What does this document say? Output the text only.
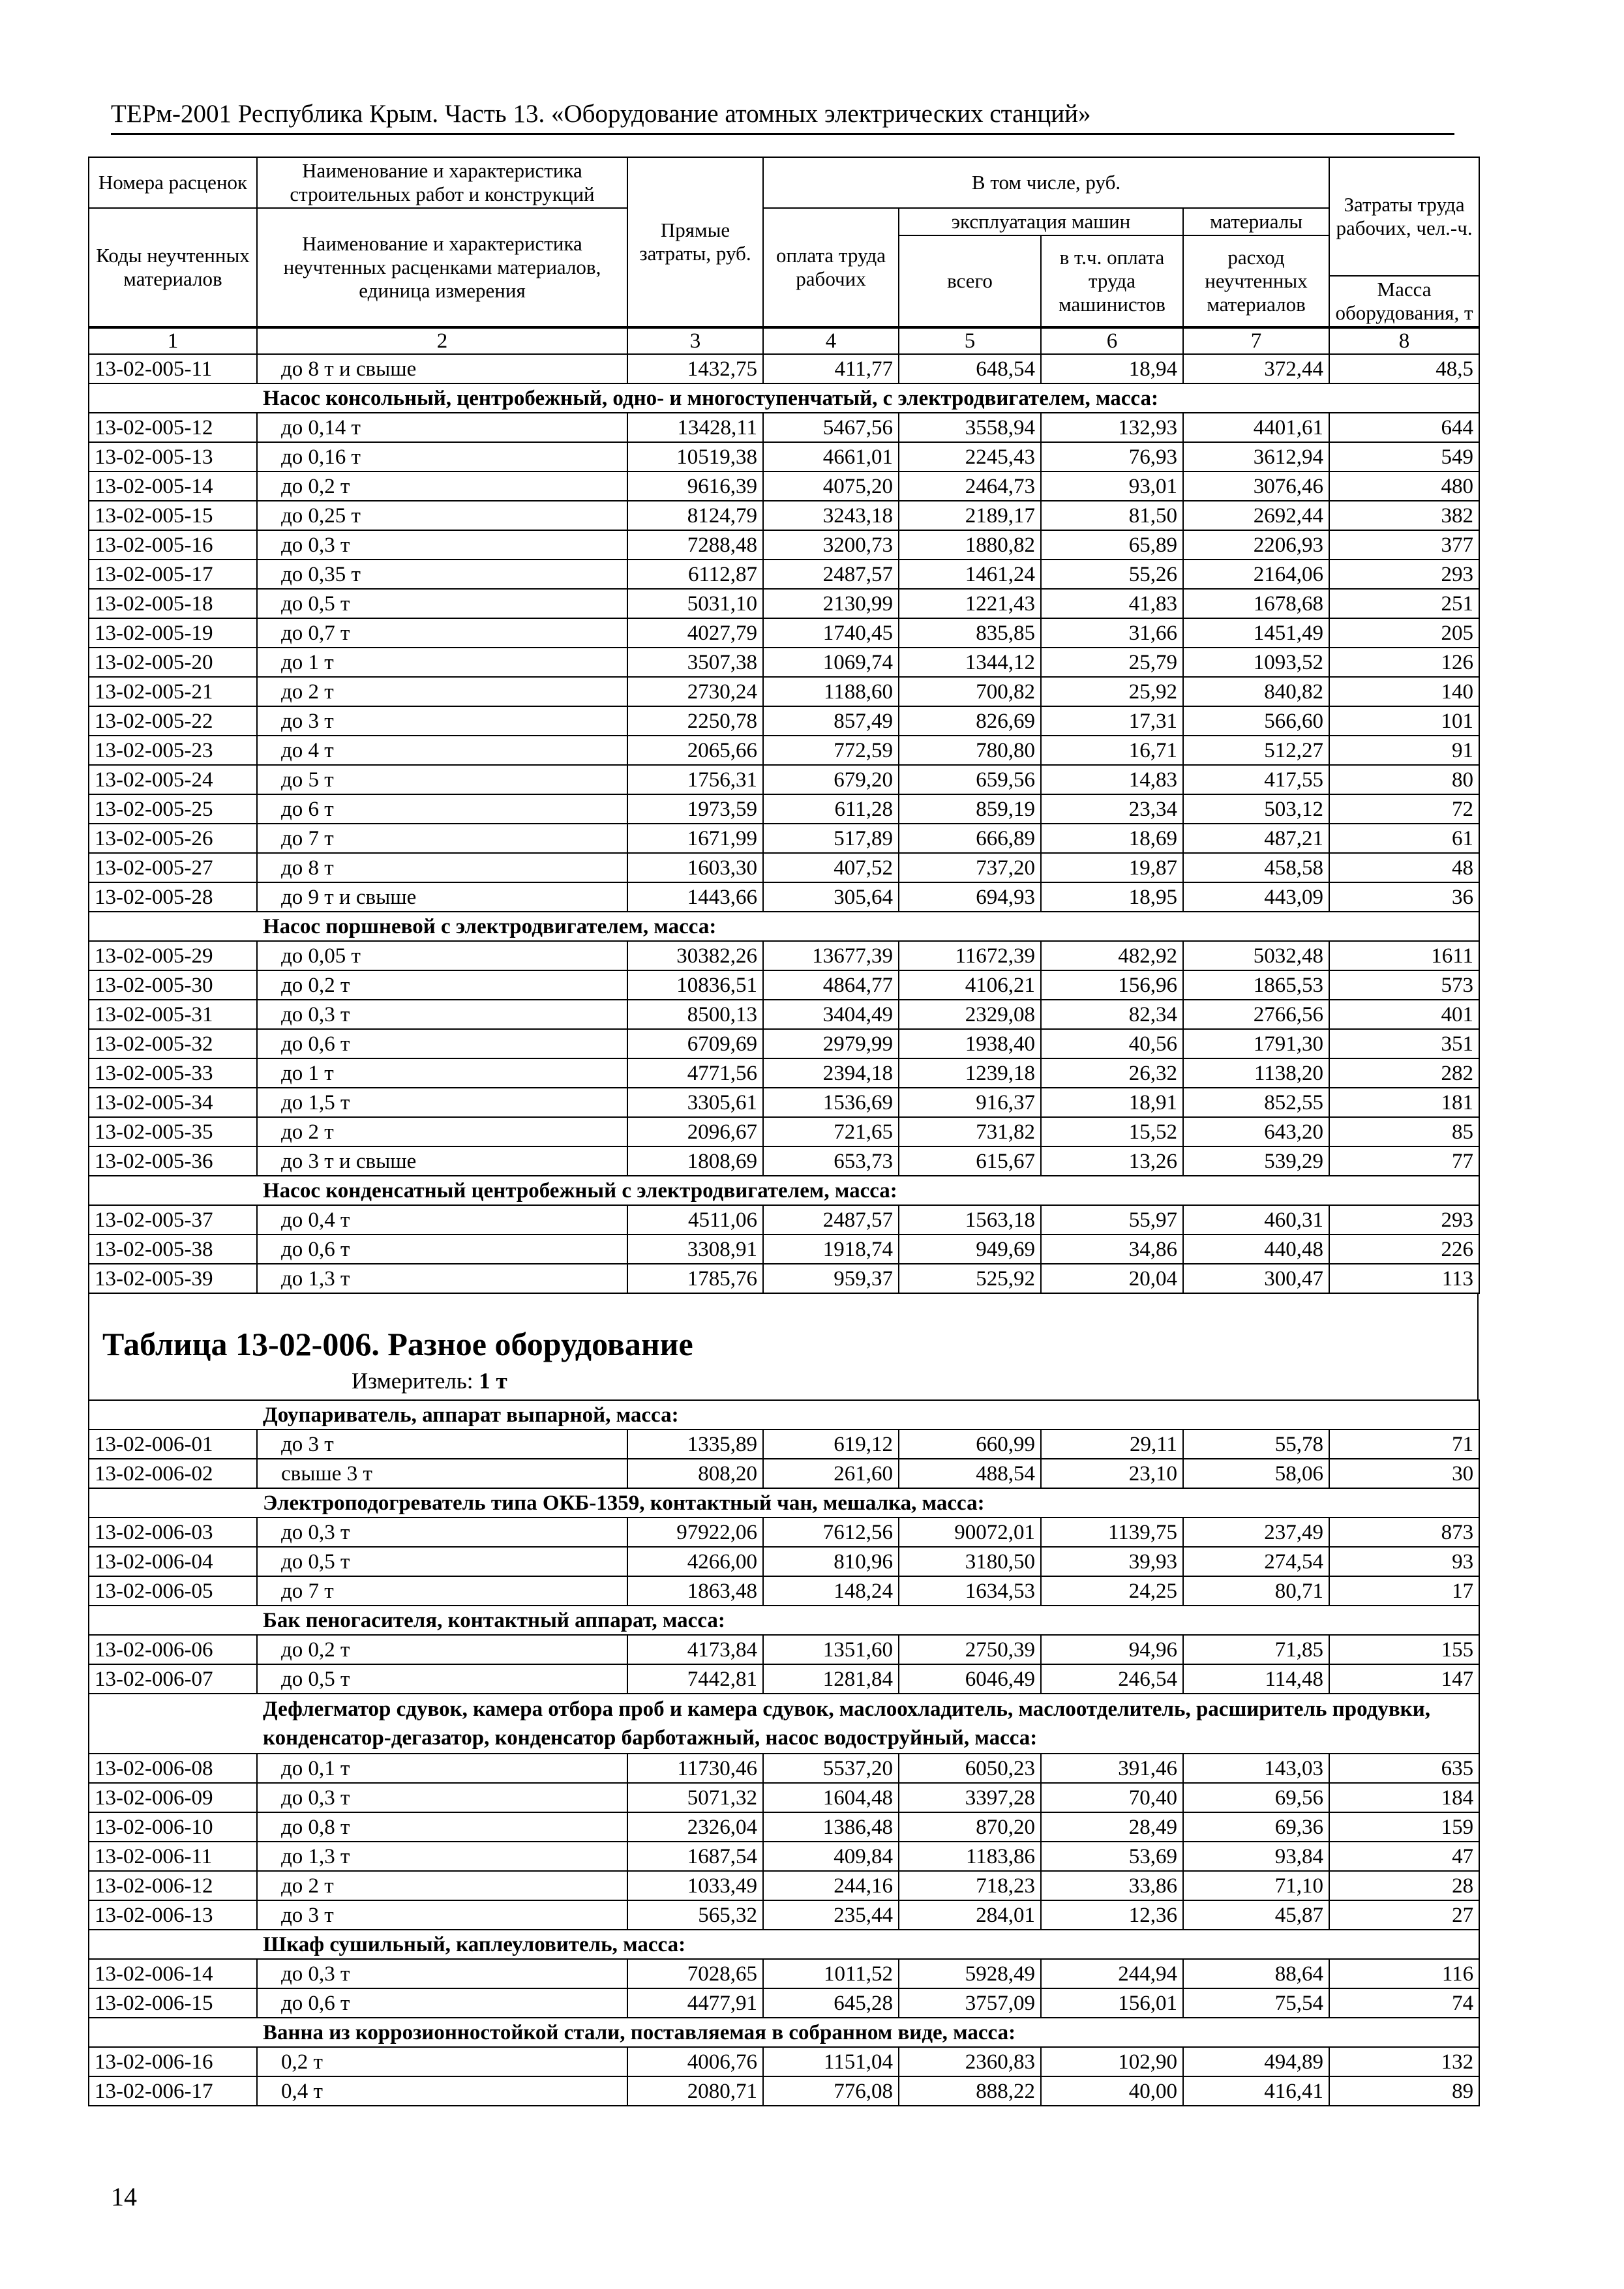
ТЕРм-2001 Республика Крым. Часть 13. «Оборудование атомных электрических станций»
Номера расценок	Наименование и характеристика строительных работ и конструкций	Прямые затраты, руб.	В том числе, руб.				Затраты труда рабочих, чел.-ч.
Коды неучтенных материалов	Наименование и характеристика неучтенных расценками материалов, единица измерения		оплата труда рабочих	эксплуатация машин		материалы	
				всего	в т.ч. оплата труда машинистов	расход неучтенных материалов	
							Масса оборудования, т
1	2	3	4	5	6	7	8
13-02-005-11	до 8 т и свыше	1432,75	411,77	648,54	18,94	372,44	48,5
Насос консольный, центробежный, одно- и многоступенчатый, с электродвигателем, масса:							
13-02-005-12	до 0,14 т	13428,11	5467,56	3558,94	132,93	4401,61	644
13-02-005-13	до 0,16 т	10519,38	4661,01	2245,43	76,93	3612,94	549
13-02-005-14	до 0,2 т	9616,39	4075,20	2464,73	93,01	3076,46	480
13-02-005-15	до 0,25 т	8124,79	3243,18	2189,17	81,50	2692,44	382
13-02-005-16	до 0,3 т	7288,48	3200,73	1880,82	65,89	2206,93	377
13-02-005-17	до 0,35 т	6112,87	2487,57	1461,24	55,26	2164,06	293
13-02-005-18	до 0,5 т	5031,10	2130,99	1221,43	41,83	1678,68	251
13-02-005-19	до 0,7 т	4027,79	1740,45	835,85	31,66	1451,49	205
13-02-005-20	до 1 т	3507,38	1069,74	1344,12	25,79	1093,52	126
13-02-005-21	до 2 т	2730,24	1188,60	700,82	25,92	840,82	140
13-02-005-22	до 3 т	2250,78	857,49	826,69	17,31	566,60	101
13-02-005-23	до 4 т	2065,66	772,59	780,80	16,71	512,27	91
13-02-005-24	до 5 т	1756,31	679,20	659,56	14,83	417,55	80
13-02-005-25	до 6 т	1973,59	611,28	859,19	23,34	503,12	72
13-02-005-26	до 7 т	1671,99	517,89	666,89	18,69	487,21	61
13-02-005-27	до 8 т	1603,30	407,52	737,20	19,87	458,58	48
13-02-005-28	до 9 т и свыше	1443,66	305,64	694,93	18,95	443,09	36
Насос поршневой с электродвигателем, масса:							
13-02-005-29	до 0,05 т	30382,26	13677,39	11672,39	482,92	5032,48	1611
13-02-005-30	до 0,2 т	10836,51	4864,77	4106,21	156,96	1865,53	573
13-02-005-31	до 0,3 т	8500,13	3404,49	2329,08	82,34	2766,56	401
13-02-005-32	до 0,6 т	6709,69	2979,99	1938,40	40,56	1791,30	351
13-02-005-33	до 1 т	4771,56	2394,18	1239,18	26,32	1138,20	282
13-02-005-34	до 1,5 т	3305,61	1536,69	916,37	18,91	852,55	181
13-02-005-35	до 2 т	2096,67	721,65	731,82	15,52	643,20	85
13-02-005-36	до 3 т и свыше	1808,69	653,73	615,67	13,26	539,29	77
Насос конденсатный центробежный с электродвигателем, масса:							
13-02-005-37	до 0,4 т	4511,06	2487,57	1563,18	55,97	460,31	293
13-02-005-38	до 0,6 т	3308,91	1918,74	949,69	34,86	440,48	226
13-02-005-39	до 1,3 т	1785,76	959,37	525,92	20,04	300,47	113
Таблица 13-02-006. Разное оборудование
Измеритель: 1 т
Доупариватель, аппарат выпарной, масса:							
13-02-006-01	до 3 т	1335,89	619,12	660,99	29,11	55,78	71
13-02-006-02	свыше 3 т	808,20	261,60	488,54	23,10	58,06	30
Электроподогреватель типа ОКБ-1359, контактный чан, мешалка, масса:							
13-02-006-03	до 0,3 т	97922,06	7612,56	90072,01	1139,75	237,49	873
13-02-006-04	до 0,5 т	4266,00	810,96	3180,50	39,93	274,54	93
13-02-006-05	до 7 т	1863,48	148,24	1634,53	24,25	80,71	17
Бак пеногасителя, контактный аппарат, масса:							
13-02-006-06	до 0,2 т	4173,84	1351,60	2750,39	94,96	71,85	155
13-02-006-07	до 0,5 т	7442,81	1281,84	6046,49	246,54	114,48	147
Дефлегматор сдувок, камера отбора проб и камера сдувок, маслоохладитель, маслоотделитель, расширитель продувки, конденсатор-дегазатор, конденсатор барботажный, насос водоструйный, масса:							
13-02-006-08	до 0,1 т	11730,46	5537,20	6050,23	391,46	143,03	635
13-02-006-09	до 0,3 т	5071,32	1604,48	3397,28	70,40	69,56	184
13-02-006-10	до 0,8 т	2326,04	1386,48	870,20	28,49	69,36	159
13-02-006-11	до 1,3 т	1687,54	409,84	1183,86	53,69	93,84	47
13-02-006-12	до 2 т	1033,49	244,16	718,23	33,86	71,10	28
13-02-006-13	до 3 т	565,32	235,44	284,01	12,36	45,87	27
Шкаф сушильный, каплеуловитель, масса:							
13-02-006-14	до 0,3 т	7028,65	1011,52	5928,49	244,94	88,64	116
13-02-006-15	до 0,6 т	4477,91	645,28	3757,09	156,01	75,54	74
Ванна из коррозионностойкой стали, поставляемая в собранном виде, масса:							
13-02-006-16	0,2 т	4006,76	1151,04	2360,83	102,90	494,89	132
13-02-006-17	0,4 т	2080,71	776,08	888,22	40,00	416,41	89
14
